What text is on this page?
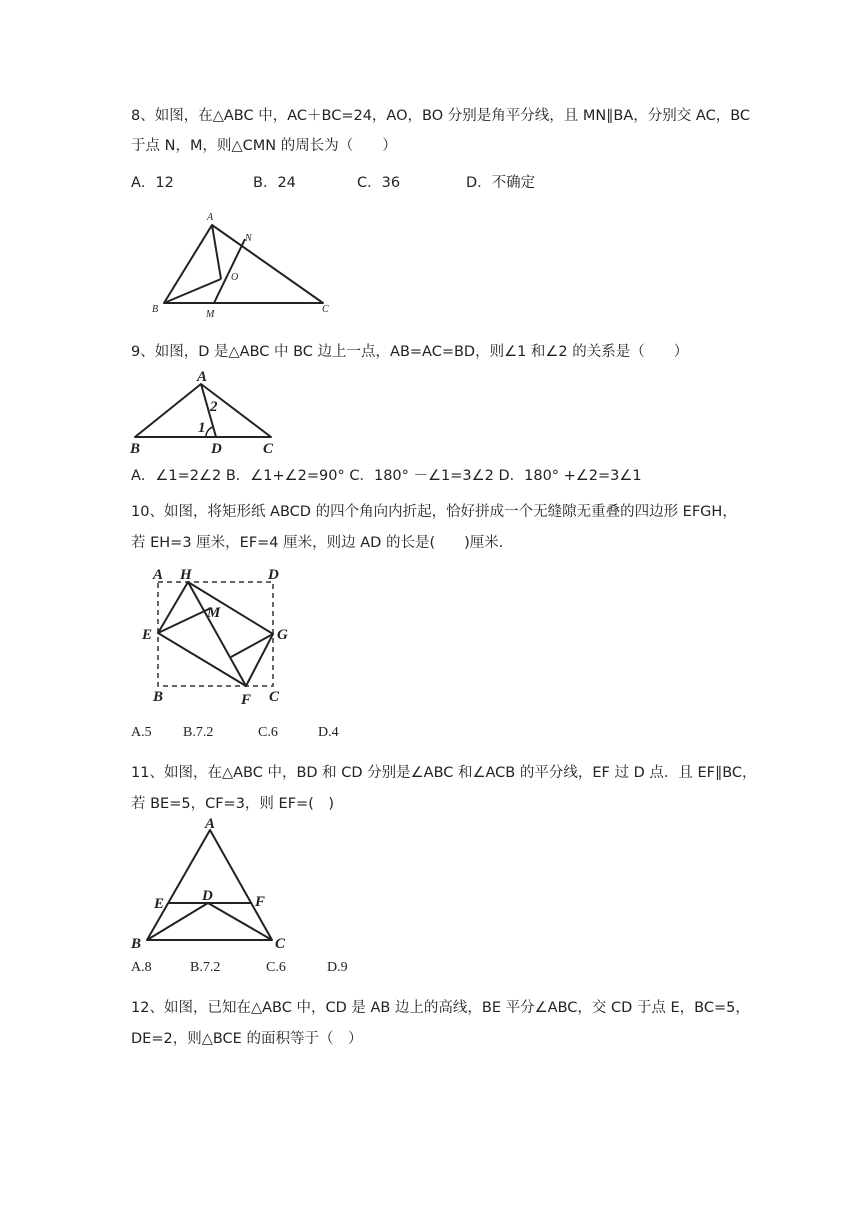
8、如图，在△ABC 中，AC＋BC=24，AO，BO 分别是角平分线，且 MN∥BA，分别交 AC，BC
于点 N，M，则△CMN 的周长为（　　）
A．12	B．24	C．36	D．不确定
A
N
O
B	M	C
9、如图，D 是△ABC 中 BC 边上一点，AB=AC=BD，则∠1 和∠2 的关系是（　　）
A
2
1
B	D	C
A．∠1=2∠2 B．∠1+∠2=90° C．180° －∠1=3∠2 D．180° +∠2=3∠1
10、如图，将矩形纸 ABCD 的四个角向内折起，恰好拼成一个无缝隙无重叠的四边形 EFGH，
若 EH=3 厘米，EF=4 厘米，则边 AD 的长是(　　)厘米.
A H	D
M
E	G
B	F C
A.5 B.7.2	C.6	D.4
11、如图，在△ABC 中，BD 和 CD 分别是∠ABC 和∠ACB 的平分线，EF 过 D 点．且 EF∥BC，
若 BE=5，CF=3，则 EF=(　)
A
E	D	F
B	C
A.8	B.7.2	C.6	D.9
12、如图，已知在△ABC 中，CD 是 AB 边上的高线，BE 平分∠ABC，交 CD 于点 E，BC=5，
DE=2，则△BCE 的面积等于（　）
